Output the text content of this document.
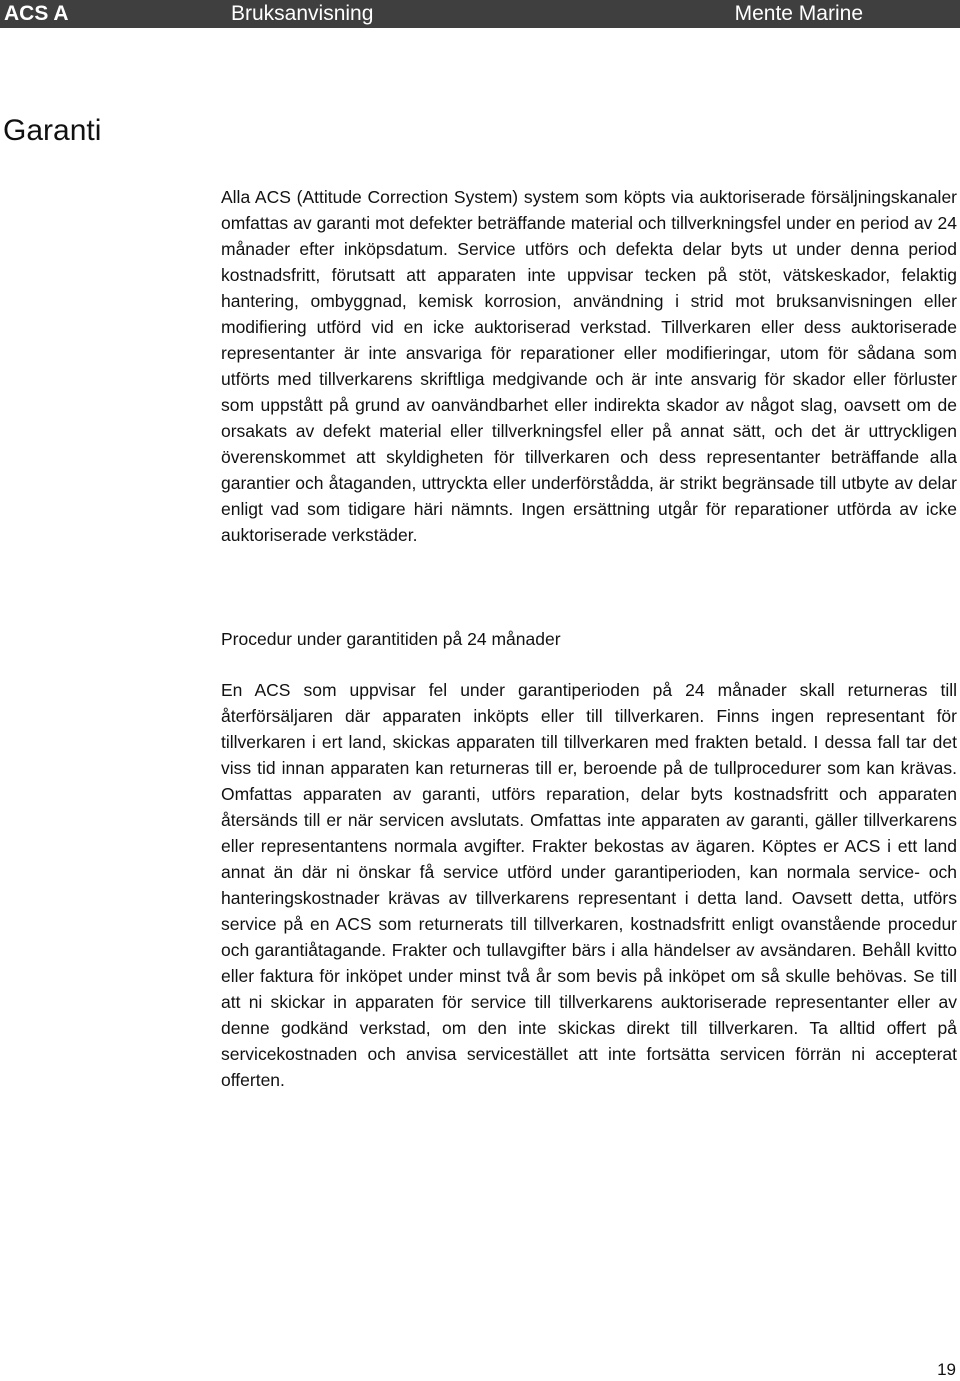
ACS A	Bruksanvisning	Mente Marine
Garanti

Alla ACS (Attitude Correction System) system som köpts via auktoriserade försäljningskanaler omfattas av garanti mot defekter beträffande material och tillverkningsfel under en period av 24 månader efter inköpsdatum. Service utförs och defekta delar byts ut under denna period kostnadsfritt, förutsatt att apparaten inte uppvisar tecken på stöt, vätskeskador, felaktig hantering, ombyggnad, kemisk korrosion, användning i strid mot bruksanvisningen eller modifiering utförd vid en icke auktoriserad verkstad. Tillverkaren eller dess auktoriserade representanter är inte ansvariga för reparationer eller modifieringar, utom för sådana som utförts med tillverkarens skriftliga medgivande och är inte ansvarig för skador eller förluster som uppstått på grund av oanvändbarhet eller indirekta skador av något slag, oavsett om de orsakats av defekt material eller tillverkningsfel eller på annat sätt, och det är uttryckligen överenskommet att skyldigheten för tillverkaren och dess representanter beträffande alla garantier och åtaganden, uttryckta eller underförstådda, är strikt begränsade till utbyte av delar enligt vad som tidigare häri nämnts. Ingen ersättning utgår för reparationer utförda av icke auktoriserade verkstäder.

Procedur under garantitiden på 24 månader

En ACS som uppvisar fel under garantiperioden på 24 månader skall returneras till återförsäljaren där apparaten inköpts eller till tillverkaren. Finns ingen representant för tillverkaren i ert land, skickas apparaten till tillverkaren med frakten betald. I dessa fall tar det viss tid innan apparaten kan returneras till er, beroende på de tullprocedurer som kan krävas. Omfattas apparaten av garanti, utförs reparation, delar byts kostnadsfritt och apparaten återsänds till er när servicen avslutats. Omfattas inte apparaten av garanti, gäller tillverkarens eller representantens normala avgifter. Frakter bekostas av ägaren. Köptes er ACS i ett land annat än där ni önskar få service utförd under garantiperioden, kan normala service- och hanteringskostnader krävas av tillverkarens representant i detta land. Oavsett detta, utförs service på en ACS som returnerats till tillverkaren, kostnadsfritt enligt ovanstående procedur och garantiåtagande. Frakter och tullavgifter bärs i alla händelser av avsändaren. Behåll kvitto eller faktura för inköpet under minst två år som bevis på inköpet om så skulle behövas. Se till att ni skickar in apparaten för service till tillverkarens auktoriserade representanter eller av denne godkänd verkstad, om den inte skickas direkt till tillverkaren. Ta alltid offert på servicekostnaden och anvisa servicestället att inte fortsätta servicen förrän ni accepterat offerten.

19
